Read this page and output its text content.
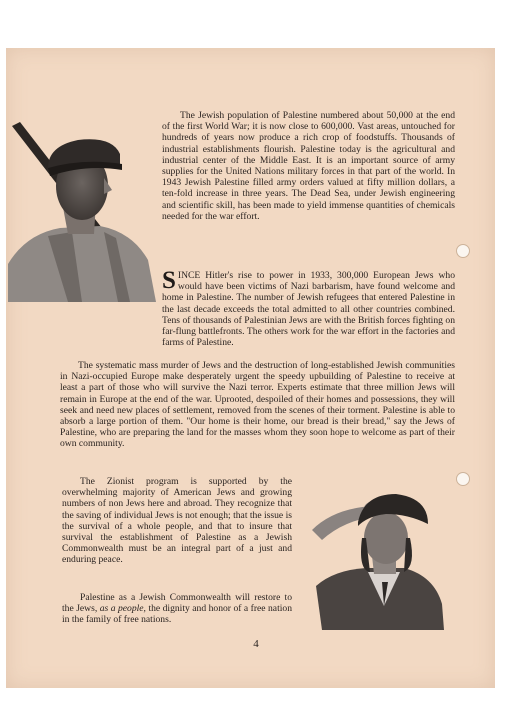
The Jewish population of Palestine numbered about 50,000 at the end of the first World War; it is now close to 600,000. Vast areas, untouched for hundreds of years now produce a rich crop of foodstuffs. Thousands of industrial establishments flourish. Palestine today is the agricultural and industrial center of the Middle East. It is an important source of army supplies for the United Nations military forces in that part of the world. In 1943 Jewish Palestine filled army orders valued at fifty million dollars, a ten-fold increase in three years. The Dead Sea, under Jewish engineering and scientific skill, has been made to yield immense quantities of chemicals needed for the war effort.

SINCE Hitler's rise to power in 1933, 300,000 European Jews who would have been victims of Nazi barbarism, have found welcome and home in Palestine. The number of Jewish refugees that entered Palestine in the last decade exceeds the total admitted to all other countries combined. Tens of thousands of Palestinian Jews are with the British forces fighting on far-flung battlefronts. The others work for the war effort in the factories and farms of Palestine.

The systematic mass murder of Jews and the destruction of long-established Jewish communities in Nazi-occupied Europe make desperately urgent the speedy upbuilding of Palestine to receive at least a part of those who will survive the Nazi terror. Experts estimate that three million Jews will remain in Europe at the end of the war. Uprooted, despoiled of their homes and possessions, they will seek and need new places of settlement, removed from the scenes of their torment. Palestine is able to absorb a large portion of them. "Our home is their home, our bread is their bread," say the Jews of Palestine, who are preparing the land for the masses whom they soon hope to welcome as part of their own community.

The Zionist program is supported by the overwhelming majority of American Jews and growing numbers of non Jews here and abroad. They recognize that the saving of individual Jews is not enough; that the issue is the survival of a whole people, and that to insure that survival the establishment of Palestine as a Jewish Commonwealth must be an integral part of a just and enduring peace.

Palestine as a Jewish Commonwealth will restore to the Jews, as a people, the dignity and honor of a free nation in the family of free nations.

4
